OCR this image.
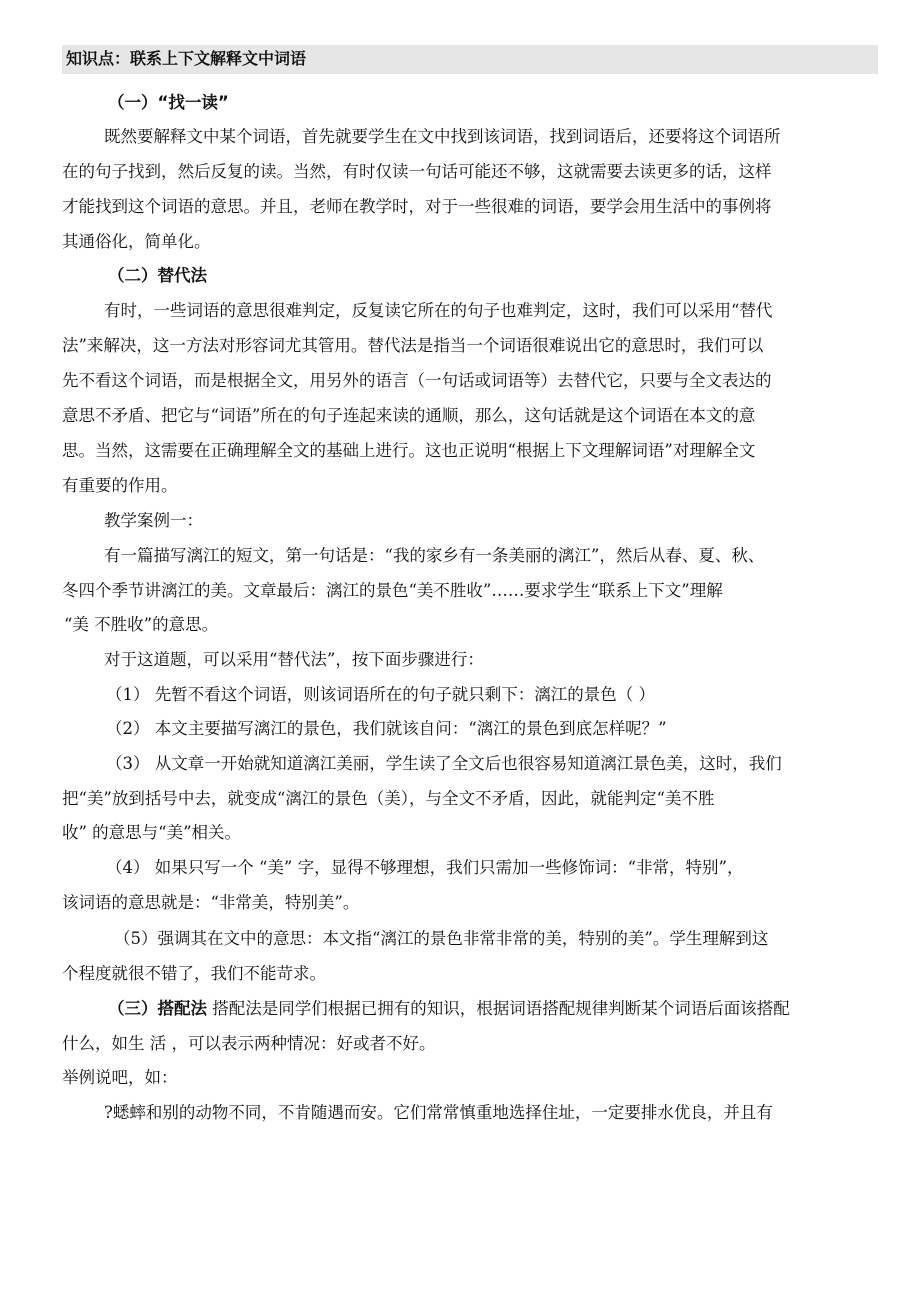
知识点：联系上下文解释文中词语
（一）“找一读”
既然要解释文中某个词语，首先就要学生在文中找到该词语，找到词语后，还要将这个词语所
在的句子找到，然后反复的读。当然，有时仅读一句话可能还不够，这就需要去读更多的话，这样
才能找到这个词语的意思。并且，老师在教学时，对于一些很难的词语，要学会用生活中的事例将
其通俗化，简单化。
（二）替代法
有时，一些词语的意思很难判定，反复读它所在的句子也难判定，这时，我们可以采用“替代
法”来解决，这一方法对形容词尤其管用。替代法是指当一个词语很难说出它的意思时，我们可以
先不看这个词语，而是根据全文，用另外的语言（一句话或词语等）去替代它，只要与全文表达的
意思不矛盾、把它与“词语”所在的句子连起来读的通顺，那么，这句话就是这个词语在本文的意
思。当然，这需要在正确理解全文的基础上进行。这也正说明“根据上下文理解词语”对理解全文
有重要的作用。
教学案例一：
有一篇描写漓江的短文，第一句话是：“我的家乡有一条美丽的漓江”，然后从春、夏、秋、
冬四个季节讲漓江的美。文章最后：漓江的景色“美不胜收”……要求学生“联系上下文”理解
“美 不胜收”的意思。
对于这道题，可以采用“替代法”，按下面步骤进行：
（1） 先暂不看这个词语，则该词语所在的句子就只剩下：漓江的景色（ ）
（2） 本文主要描写漓江的景色，我们就该自问：“漓江的景色到底怎样呢？”
（3） 从文章一开始就知道漓江美丽，学生读了全文后也很容易知道漓江景色美，这时，我们
把“美”放到括号中去，就变成“漓江的景色（美），与全文不矛盾，因此，就能判定“美不胜
收” 的意思与“美”相关。
（4） 如果只写一个 “美” 字，显得不够理想，我们只需加一些修饰词：“非常，特别”，
该词语的意思就是：“非常美，特别美”。
（5）强调其在文中的意思：本文指“漓江的景色非常非常的美，特别的美”。学生理解到这
个程度就很不错了，我们不能苛求。
（三）搭配法 搭配法是同学们根据已拥有的知识，根据词语搭配规律判断某个词语后面该搭配
什么，如生 活 ，可以表示两种情况：好或者不好。
举例说吧，如：
?蟋蟀和别的动物不同，不肯随遇而安。它们常常慎重地选择住址，一定要排水优良，并且有
